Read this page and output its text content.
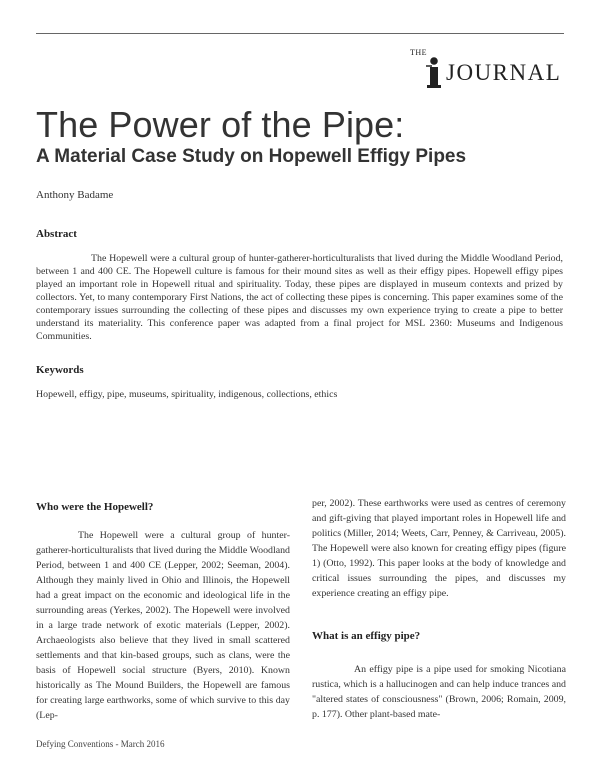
THE
JOURNAL
The Power of the Pipe:
A Material Case Study on Hopewell Effigy Pipes
Anthony Badame
Abstract

The Hopewell were a cultural group of hunter-gatherer-horticulturalists that lived during the Middle Woodland Period, between 1 and 400 CE. The Hopewell culture is famous for their mound sites as well as their effigy pipes. Hopewell effigy pipes played an important role in Hopewell ritual and spirituality. Today, these pipes are displayed in museum contexts and prized by collectors. Yet, to many contemporary First Nations, the act of collecting these pipes is concerning. This paper examines some of the contemporary issues surrounding the collecting of these pipes and discusses my own experience trying to create a pipe to better understand its materiality. This conference paper was adapted from a final project for MSL 2360: Museums and Indigenous Communities.

Keywords

Hopewell, effigy, pipe, museums, spirituality, indigenous, collections, ethics

Who were the Hopewell?

The Hopewell were a cultural group of hunter-gatherer-horticulturalists that lived during the Middle Woodland Period, between 1 and 400 CE (Lepper, 2002; Seeman, 2004). Although they mainly lived in Ohio and Illinois, the Hopewell had a great impact on the economic and ideological life in the surrounding areas (Yerkes, 2002). The Hopewell were involved in a large trade network of exotic materials (Lepper, 2002). Archaeologists also believe that they lived in small scattered settlements and that kin-based groups, such as clans, were the basis of Hopewell social structure (Byers, 2010). Known historically as The Mound Builders, the Hopewell are famous for creating large earthworks, some of which survive to this day (Lep-

per, 2002). These earthworks were used as centres of ceremony and gift-giving that played important roles in Hopewell life and politics (Miller, 2014; Weets, Carr, Penney, & Carriveau, 2005). The Hopewell were also known for creating effigy pipes (figure 1) (Otto, 1992). This paper looks at the body of knowledge and critical issues surrounding the pipes, and discusses my experience creating an effigy pipe.

What is an effigy pipe?

An effigy pipe is a pipe used for smoking Nicotiana rustica, which is a hallucinogen and can help induce trances and "altered states of consciousness" (Brown, 2006; Romain, 2009, p. 177). Other plant-based mate-

Defying Conventions - March 2016
